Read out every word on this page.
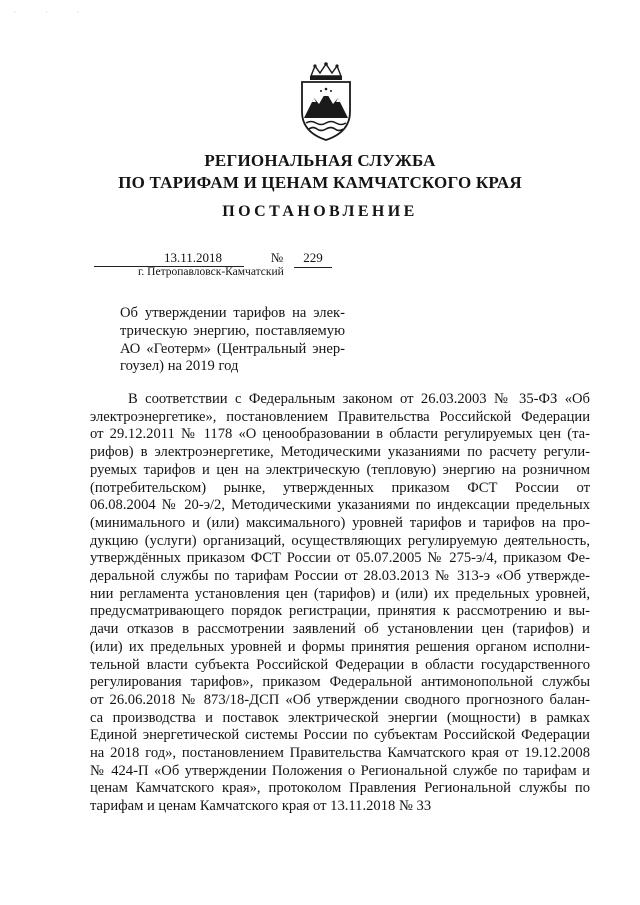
· · ·
РЕГИОНАЛЬНАЯ СЛУЖБА
ПО ТАРИФАМ И ЦЕНАМ КАМЧАТСКОГО КРАЯ
ПОСТАНОВЛЕНИЕ
13.11.2018	№	229
г. Петропавловск-Камчатский
Об утверждении тарифов на элек-
трическую энергию, поставляемую
АО «Геотерм» (Центральный энер-
гоузел) на 2019 год
В соответствии с Федеральным законом от 26.03.2003 № 35-ФЗ «Об
электроэнергетике», постановлением Правительства Российской Федерации
от 29.12.2011 № 1178 «О ценообразовании в области регулируемых цен (та-
рифов) в электроэнергетике, Методическими указаниями по расчету регули-
руемых тарифов и цен на электрическую (тепловую) энергию на розничном
(потребительском) рынке, утвержденных приказом ФСТ России от
06.08.2004 № 20-э/2, Методическими указаниями по индексации предельных
(минимального и (или) максимального) уровней тарифов и тарифов на про-
дукцию (услуги) организаций, осуществляющих регулируемую деятельность,
утверждённых приказом ФСТ России от 05.07.2005 № 275-э/4, приказом Фе-
деральной службы по тарифам России от 28.03.2013 № 313-э «Об утвержде-
нии регламента установления цен (тарифов) и (или) их предельных уровней,
предусматривающего порядок регистрации, принятия к рассмотрению и вы-
дачи отказов в рассмотрении заявлений об установлении цен (тарифов) и
(или) их предельных уровней и формы принятия решения органом исполни-
тельной власти субъекта Российской Федерации в области государственного
регулирования тарифов», приказом Федеральной антимонопольной службы
от 26.06.2018 № 873/18-ДСП «Об утверждении сводного прогнозного балан-
са производства и поставок электрической энергии (мощности) в рамках
Единой энергетической системы России по субъектам Российской Федерации
на 2018 год», постановлением Правительства Камчатского края от 19.12.2008
№ 424-П «Об утверждении Положения о Региональной службе по тарифам и
ценам Камчатского края», протоколом Правления Региональной службы по
тарифам и ценам Камчатского края от 13.11.2018 № 33
